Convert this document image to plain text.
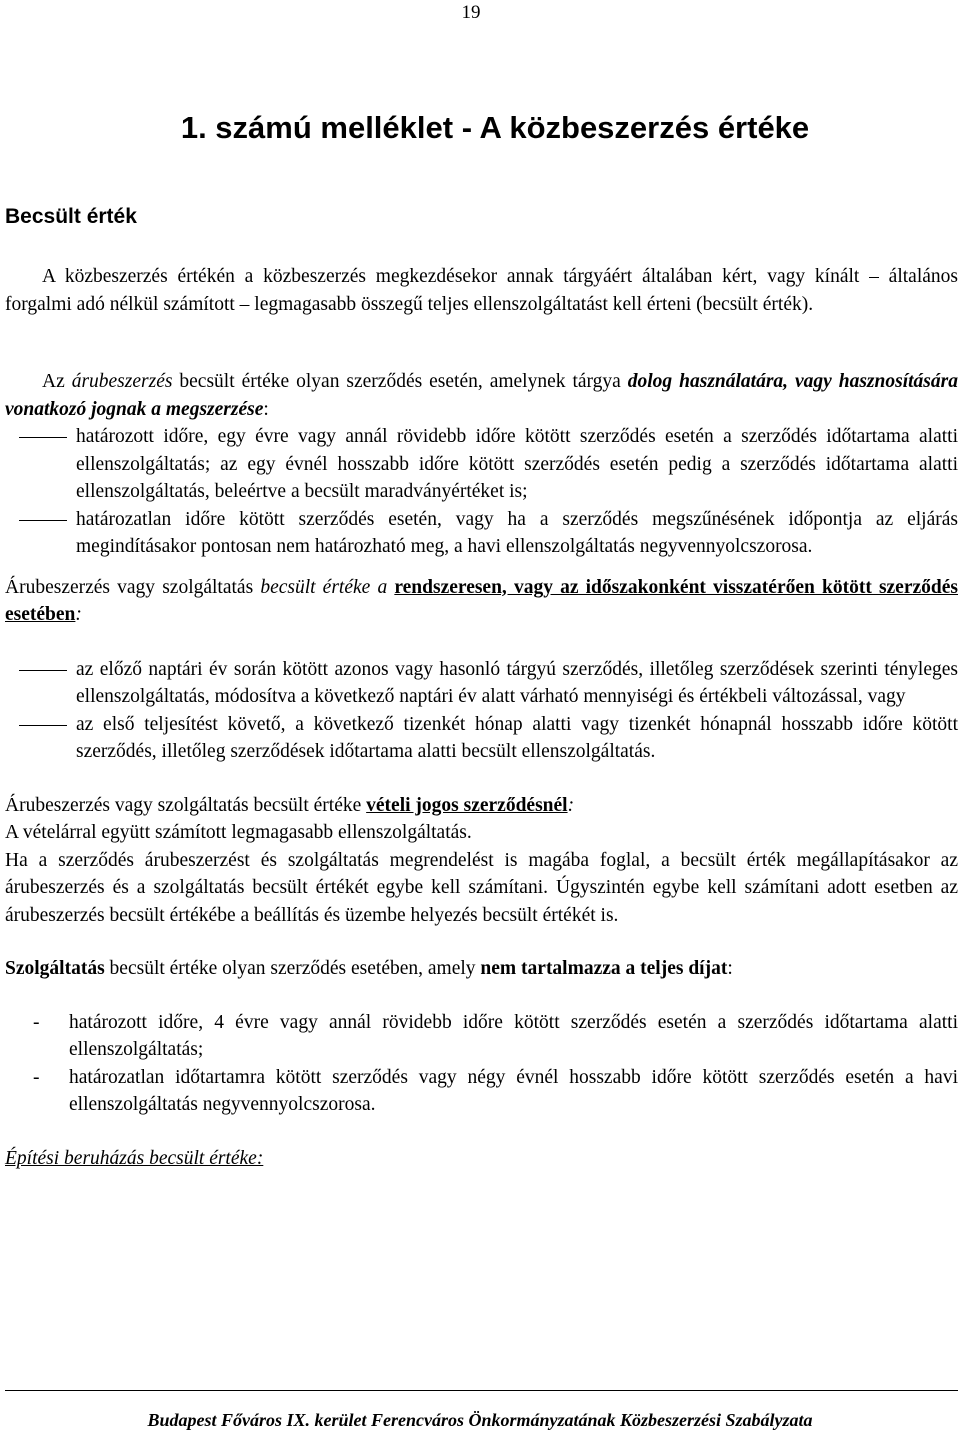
19
1. számú melléklet - A közbeszerzés értéke
Becsült érték

A közbeszerzés értékén a közbeszerzés megkezdésekor annak tárgyáért általában kért, vagy kínált – általános forgalmi adó nélkül számított – legmagasabb összegű teljes ellenszolgáltatást kell érteni (becsült érték).

Az árubeszerzés becsült értéke olyan szerződés esetén, amelynek tárgya dolog használatára, vagy hasznosítására vonatkozó jognak a megszerzése:

határozott időre, egy évre vagy annál rövidebb időre kötött szerződés esetén a szerződés időtartama alatti ellenszolgáltatás; az egy évnél hosszabb időre kötött szerződés esetén pedig a szerződés időtartama alatti ellenszolgáltatás, beleértve a becsült maradványértéket is;
határozatlan időre kötött szerződés esetén, vagy ha a szerződés megszűnésének időpontja az eljárás megindításakor pontosan nem határozható meg, a havi ellenszolgáltatás negyvennyolcszorosa.

Árubeszerzés vagy szolgáltatás becsült értéke a rendszeresen, vagy az időszakonként visszatérően kötött szerződés esetében:

az előző naptári év során kötött azonos vagy hasonló tárgyú szerződés, illetőleg szerződések szerinti tényleges ellenszolgáltatás, módosítva a következő naptári év alatt várható mennyiségi és értékbeli változással, vagy
az első teljesítést követő, a következő tizenkét hónap alatti vagy tizenkét hónapnál hosszabb időre kötött szerződés, illetőleg szerződések időtartama alatti becsült ellenszolgáltatás.

Árubeszerzés vagy szolgáltatás becsült értéke vételi jogos szerződésnél:

A vételárral együtt számított legmagasabb ellenszolgáltatás.

Ha a szerződés árubeszerzést és szolgáltatás megrendelést is magába foglal, a becsült érték megállapításakor az árubeszerzés és a szolgáltatás becsült értékét egybe kell számítani. Úgyszintén egybe kell számítani adott esetben az árubeszerzés becsült értékébe a beállítás és üzembe helyezés becsült értékét is.

Szolgáltatás becsült értéke olyan szerződés esetében, amely nem tartalmazza a teljes díjat:

- határozott időre, 4 évre vagy annál rövidebb időre kötött szerződés esetén a szerződés időtartama alatti ellenszolgáltatás;
- határozatlan időtartamra kötött szerződés vagy négy évnél hosszabb időre kötött szerződés esetén a havi ellenszolgáltatás negyvennyolcszorosa.

Építési beruházás becsült értéke:

Budapest Főváros IX. kerület Ferencváros Önkormányzatának Közbeszerzési Szabályzata
